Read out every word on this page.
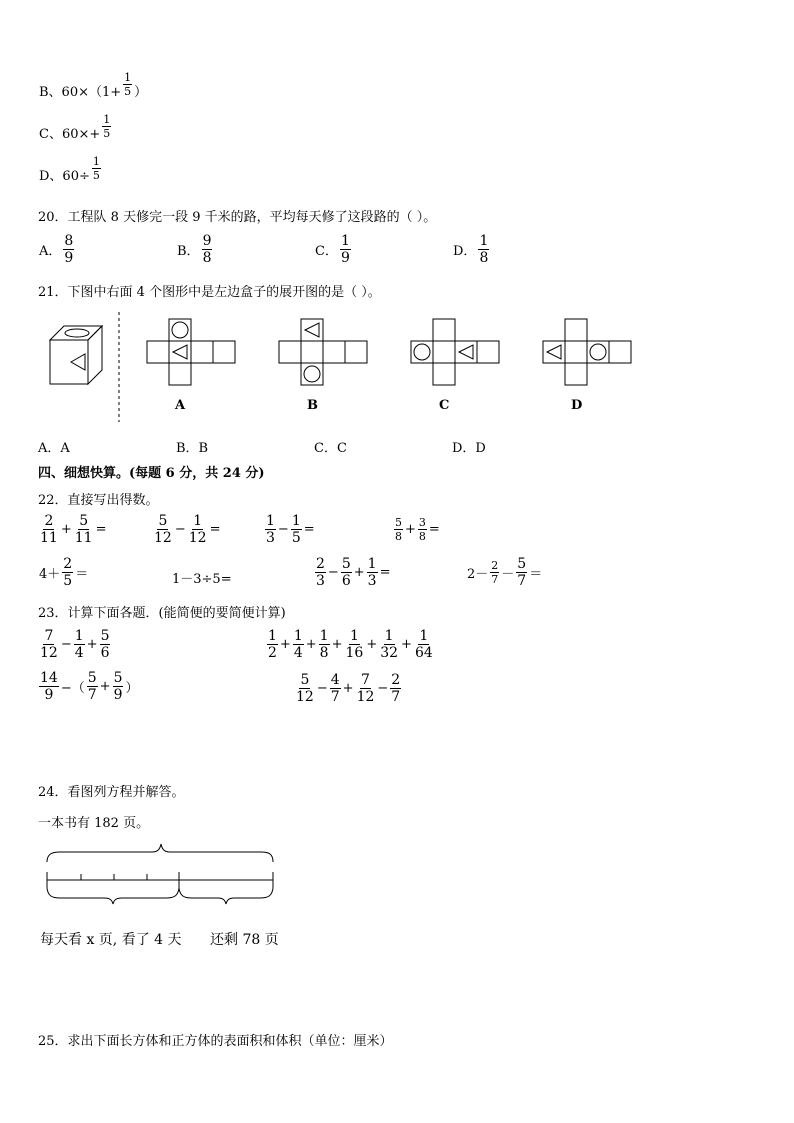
B、$60\times(1+ \frac{1}{5}$ ）
C、$60\times+ \frac{1}{5}$
D、$60\div \frac{1}{5}$
20．工程队 8 天修完一段 9 千米的路，平均每天修了这段路的（ ）。
A． $\frac{8}{9}$	B． $\frac{9}{8}$	C． $\frac{1}{9}$	D． $\frac{1}{8}$
21．下图中右面 4 个图形中是左边盒子的展开图的是（ ）。
A	B	C	D
A．A	B．B	C．C	D．D
四、细想快算。(每题 6 分，共 24 分)
22．直接写出得数。
$\frac{2}{11} + \frac{5}{11}$ =	$\frac{5}{12} - \frac{1}{12}$ =	$\frac{1}{3} - \frac{1}{5}$ =	$\frac{5}{8} + \frac{3}{8}$ =
$4+ \frac{2}{5}$ ＝	1－3÷5=	$\frac{2}{3} - \frac{5}{6} + \frac{1}{3}$ =	$2- \frac{2}{7} - \frac{5}{7}$ ＝
23．计算下面各题．(能简便的要简便计算)
$\frac{7}{12} - \frac{1}{4} + \frac{5}{6}$	$\frac{1}{2} + \frac{1}{4} + \frac{1}{8} + \frac{1}{16} + \frac{1}{32} + \frac{1}{64}$
$\frac{14}{9}$ −（ $\frac{5}{7} + \frac{5}{9}$ ）	$\frac{5}{12} - \frac{4}{7} + \frac{7}{12} - \frac{2}{7}$
24．看图列方程并解答。
一本书有 182 页。
每天看 x 页, 看了 4 天 还剩 78 页
25．求出下面长方体和正方体的表面积和体积（单位：厘米）
